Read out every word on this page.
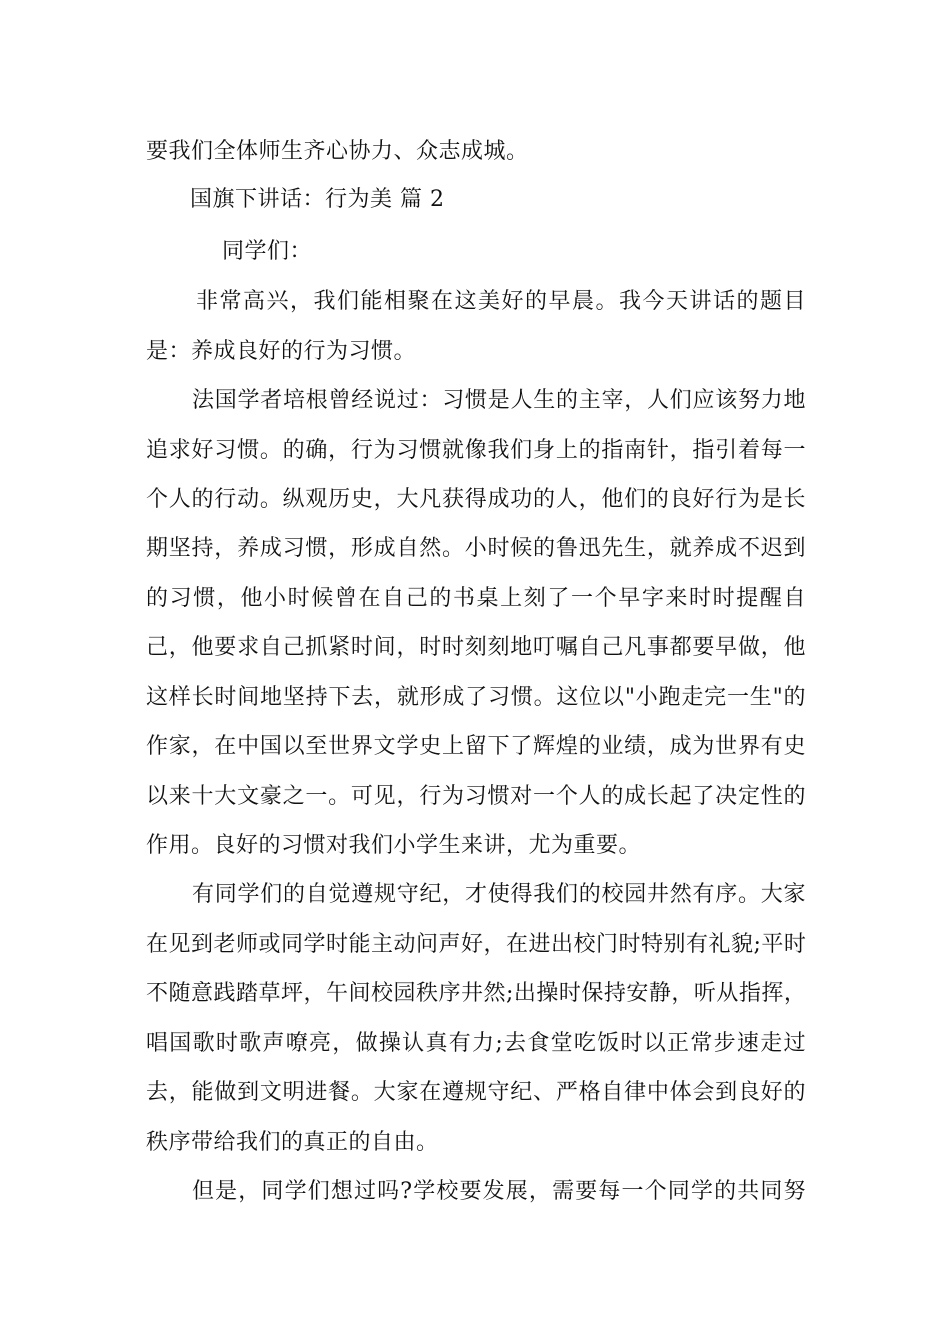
要我们全体师生齐心协力、众志成城。
国旗下讲话：行为美 篇 2
同学们：
非常高兴，我们能相聚在这美好的早晨。我今天讲话的题目
是：养成良好的行为习惯。
法国学者培根曾经说过：习惯是人生的主宰，人们应该努力地
追求好习惯。的确，行为习惯就像我们身上的指南针，指引着每一
个人的行动。纵观历史，大凡获得成功的人，他们的良好行为是长
期坚持，养成习惯，形成自然。小时候的鲁迅先生，就养成不迟到
的习惯，他小时候曾在自己的书桌上刻了一个早字来时时提醒自
己，他要求自己抓紧时间，时时刻刻地叮嘱自己凡事都要早做，他
这样长时间地坚持下去，就形成了习惯。这位以"小跑走完一生"的
作家，在中国以至世界文学史上留下了辉煌的业绩，成为世界有史
以来十大文豪之一。可见，行为习惯对一个人的成长起了决定性的
作用。良好的习惯对我们小学生来讲，尤为重要。
有同学们的自觉遵规守纪，才使得我们的校园井然有序。大家
在见到老师或同学时能主动问声好，在进出校门时特别有礼貌;平时
不随意践踏草坪，午间校园秩序井然;出操时保持安静，听从指挥，
唱国歌时歌声嘹亮，做操认真有力;去食堂吃饭时以正常步速走过
去，能做到文明进餐。大家在遵规守纪、严格自律中体会到良好的
秩序带给我们的真正的自由。
但是，同学们想过吗?学校要发展，需要每一个同学的共同努
